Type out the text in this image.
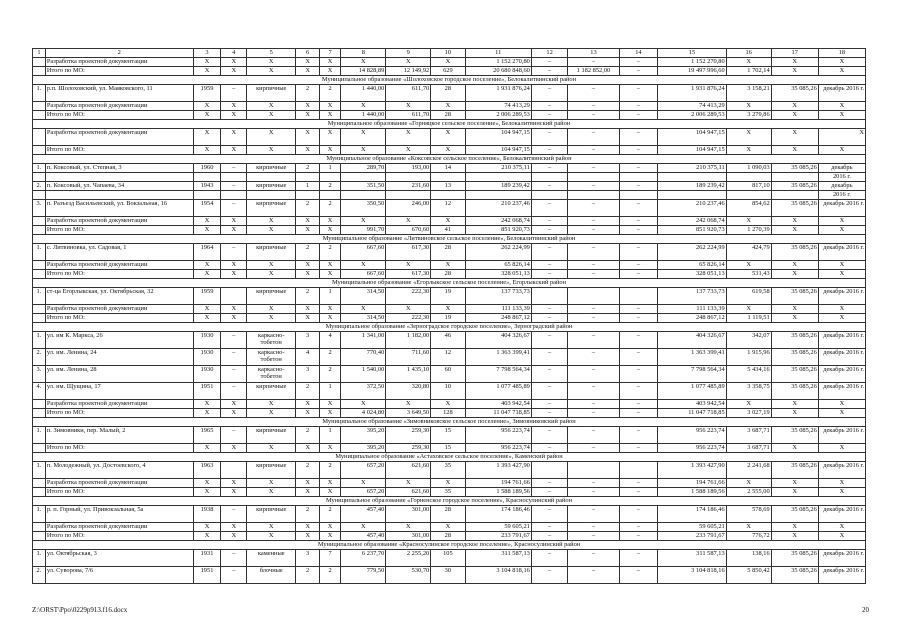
1	2	3	4	5	6	7	8	9	10	11	12	13	14	15	16	17	18
	Разработка проектной документации	X	X	X	X	X	X	X	X	1 152 270,80	–	–	–	1 152 270,80	X	X	X
	Итого по МО:	X	X	X	X	X	14 828,89	12 149,92	629	20 680 848,60	–	1 182 852,00	–	19 497 996,60	1 702,14	X	X
Муниципальное образование «Шолоховское городское поселение», Белокалитвинский район																	
1.	р.п. Шолоховский, ул. Маяковского, 11	1959	–	кирпичные	2	2	1 440,00	611,70	28	1 931 876,24	–	–	–	1 931 876,24	3 158,21	35 085,26	декабрь 2016 г.
	Разработка проектной документации	X	X	X	X	X	X	X	X	74 413,29	–	–	–	74 413,29	X	X	X
	Итого по МО:	X	X	X	X	X	1 440,00	611,70	28	2 006 289,53	–	–	–	2 006 289,53	3 279,86	X	X
Муниципальное образование «Горняцкое сельское поселение», Белокалитвинский район																	
	Разработка проектной документации	X	X	X	X	X	X	X	X	104 947,15	–	–	–	104 947,15	X	X	X
	Итого по МО:	X	X	X	X	X	X	X	X	104 947,15	–	–	–	104 947,15	X	X	X
Муниципальное образование «Коксовское сельское поселение», Белокалитвинский район																	
1.	п. Коксовый, ул. Степная, 3	1960	–	кирпичные	2	1	289,70	193,00	14	210 375,11	–	–	–	210 375,11	1 090,03	35 085,26	декабрь
																	2016 г.
2.	п. Коксовый, ул. Чапаева, 34	1943	–	кирпичные	1	2	351,50	231,60	13	189 239,42	–	–	–	189 239,42	817,10	35 085,26	декабрь
																	2016 г.
3.	п. Разъезд Васильевский, ул. Вокзальная, 16	1954	–	кирпичные	2	2	350,50	246,00	12	210 237,46	–	–	–	210 237,46	854,62	35 085,26	декабрь 2016 г.
	Разработка проектной документации	X	X	X	X	X	X	X	X	242 068,74	–	–	–	242 068,74	X	X	X
	Итого по МО:	X	X	X	X	X	991,70	670,60	41	851 920,73	–	–	–	851 920,73	1 270,39	X	X
Муниципальное образование «Литвиновское сельское поселение», Белокалитвинский район																	
1.	с. Литвиновка, ул. Садовая, 1	1964	–	кирпичные	2	2	667,60	617,30	28	262 224,99	–	–	–	262 224,99	424,79	35 085,26	декабрь 2016 г.
	Разработка проектной документации	X	X	X	X	X	X	X	X	65 826,14	–	–	–	65 826,14	X	X	X
	Итого по МО:	X	X	X	X	X	667,60	617,30	28	328 051,13	–	–	–	328 051,13	531,43	X	X
Муниципальное образование «Егорлыкское сельское поселение», Егорлыкский район																	
1.	ст-ца Егорлыкская, ул. Октябрьская, 32	1959		кирпичные	2	1	314,50	222,30	19	137 733,73				137 733,73	619,58	35 085,26	декабрь 2016 г.
	Разработка проектной документации	X	X	X	X	X	X	X	X	111 133,39	–	–	–	111 133,39	X	X	X
	Итого по МО:	X	X	X	X	X	314,50	222,30	19	248 867,12	–	–	–	248 867,12	1 119,51	X	X
Муниципальное образование «Зерноградское городское поселение», Зерноградский район																	
1.	ул. им К. Маркса, 26	1930	–	каркасно-тобетон	3	4	1 341,00	1 182,00	46	404 326,67	–	–	–	404 326,67	342,07	35 085,26	декабрь 2016 г.
2.	ул. им. Ленина, 24	1930	–	каркасно-тобетон	4	2	770,40	711,60	12	1 363 399,41	–	–	–	1 363 399,41	1 915,96	35 085,26	декабрь 2016 г.
3.	ул. им. Ленина, 28	1930	–	каркасно-тобетон	3	2	1 540,00	1 435,10	60	7 798 564,34	–	–	–	7 798 564,34	5 434,16	35 085,26	декабрь 2016 г.
4.	ул. им. Щущина, 17	1951	–	кирпичные	2	1	372,50	320,80	10	1 077 485,89	–	–	–	1 077 485,89	3 358,75	35 085,26	декабрь 2016 г.
	Разработка проектной документации	X	X	X	X	X	X	X	X	403 942,54	–	–	–	403 942,54	X	X	X
	Итого по МО:	X	X	X	X	X	4 024,80	3 649,50	128	11 047 718,85	–	–	–	11 047 718,85	3 027,19	X	X
Муниципальное образование «Зимовниковское сельское поселение», Зимовниковский район																	
1.	п. Зимовники, пер. Малый, 2	1965	–	кирпичные	2	1	395,20	259,30	15	956 223,74	–	–	–	956 223,74	3 687,71	35 085,26	декабрь 2016 г.
	Итого по МО:	X	X	X	X	X	395,20	259,30	15	956 223,74	–	–	–	956 223,74	3 687,71	X	X
Муниципальное образование «Астаховское сельское поселение», Каменский район																	
1.	п. Молодежный, ул. Достоевского, 4	1963		кирпичные	2	2	657,20	621,60	35	1 393 427,90				1 393 427,90	2 241,68	35 085,26	декабрь 2016 г.
	Разработка проектной документации	X	X	X	X	X	X	X	X	194 761,66	–	–	–	194 761,66	X	X	X
	Итого по МО:	X	X	X	X	X	657,20	621,60	35	1 588 189,56	–	–	–	1 588 189,56	2 555,00	X	X
Муниципальное образование «Горненское городское поселение», Красносулинский район																	
1.	р. п. Горный, ул. Привокзальная, 5а	1938	–	кирпичные	2	2	457,40	301,00	28	174 186,46	–	–	–	174 186,46	578,69	35 085,26	декабрь 2016 г.
	Разработка проектной документации	X	X	X	X	X	X	X	X	59 605,21	–	–	–	59 605,21	X	X	X
	Итого по МО:	X	X	X	X	X	457,40	301,00	28	233 791,67	–	–	–	233 791,67	776,72	X	X
Муниципальное образование «Красносулинское городское поселение», Красносулинский район																	
1.	ул. Октябрьская, 3	1931	–	каменные	3	7	6 237,70	2 255,20	105	311 587,13	–	–	–	311 587,13	138,16	35 085,26	декабрь 2016 г.
2.	ул. Суворова, 7/6	1951	–	блочные	2	2	779,50	530,70	30	3 104 818,16	–	–	–	3 104 818,16	5 850,42	35 085,26	декабрь 2016 г.
Z:\ORST\Ppo\0229p913.f16.docx	20
